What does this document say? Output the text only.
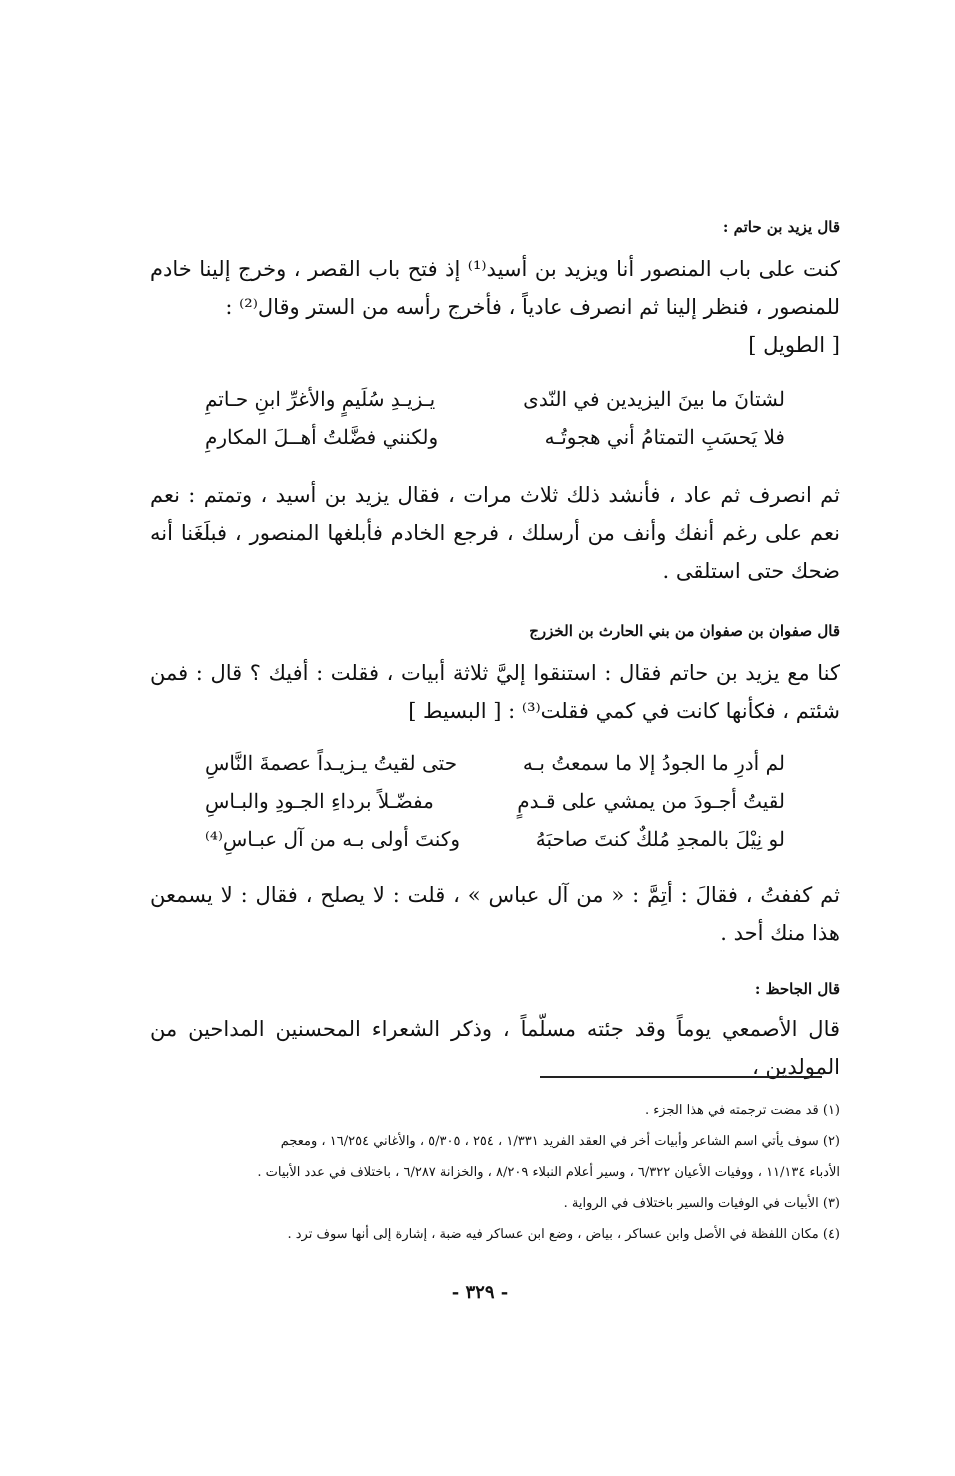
قال يزيد بن حاتم :

كنت على باب المنصور أنا ويزيد بن أسيد⁽¹⁾ إذ فتح باب القصر ، وخرج إلينا خادم للمنصور ، فنظر إلينا ثم انصرف عادياً ، فأخرج رأسه من الستر وقال⁽²⁾ :

[ الطويل ]

لشتانَ ما بينَ اليزيدين في النّدى
يـزيـدِ سُلَيمٍ والأغرِّ ابنِ حـاتمِ
فلا يَحسَبِ التمتامُ أني هجوتُـه
ولكنني فضَّلتُ أهــلَ المكارمِ

ثم انصرف ثم عاد ، فأنشد ذلك ثلاث مرات ، فقال يزيد بن أسيد ، وتمتم : نعم نعم على رغم أنفك وأنف من أرسلك ، فرجع الخادم فأبلغها المنصور ، فبلَغَنا أنه ضحك حتى استلقى .

قال صفوان بن صفوان من بني الحارث بن الخزرج

كنا مع يزيد بن حاتم فقال : استنقوا إليَّ ثلاثة أبيات ، فقلت : أفيك ؟ قال : فمن شئتم ، فكأنها كانت في كمي فقلت⁽³⁾ : [ البسيط ]

لم أدرِ ما الجودُ إلا ما سمعتُ بـه
حتى لقيتُ يـزيـداً عصمةَ النَّاسِ
لقيتُ أجـودَ من يمشي على قـدمٍ
مفضّـلاً برداءِ الجـودِ والبـاسِ
لو نِيْلَ بالمجدِ مُلكٌ كنتَ صاحبَهُ
وكنتَ أولى بـه من آل عبـاسِ⁽⁴⁾

ثم كففتُ ، فقالَ : أتِمَّ : « من آل عباس » ، قلت : لا يصلح ، فقال : لا يسمعن هذا منك أحد .

قال الجاحظ :

قال الأصمعي يوماً وقد جئته مسلّماً ، وذكر الشعراء المحسنين المداحين من المولدين ،

(١) قد مضت ترجمته في هذا الجزء .
(٢) سوف يأتي اسم الشاعر وأبيات أخر في العقد الفريد ١/٣٣١ ، ٢٥٤ ، ٥/٣٠٥ ، والأغاني ١٦/٢٥٤ ، ومعجم
الأدباء ١١/١٣٤ ، ووفيات الأعيان ٦/٣٢٢ ، وسير أعلام النبلاء ٨/٢٠٩ ، والخزانة ٦/٢٨٧ ، باختلاف في عدد الأبيات .
(٣) الأبيات في الوفيات والسير باختلاف في الرواية .
(٤) مكان اللفظة في الأصل وابن عساكر ، بياض ، وضع ابن عساكر فيه ضبة ، إشارة إلى أنها سوف ترد .
- ٣٢٩ -
